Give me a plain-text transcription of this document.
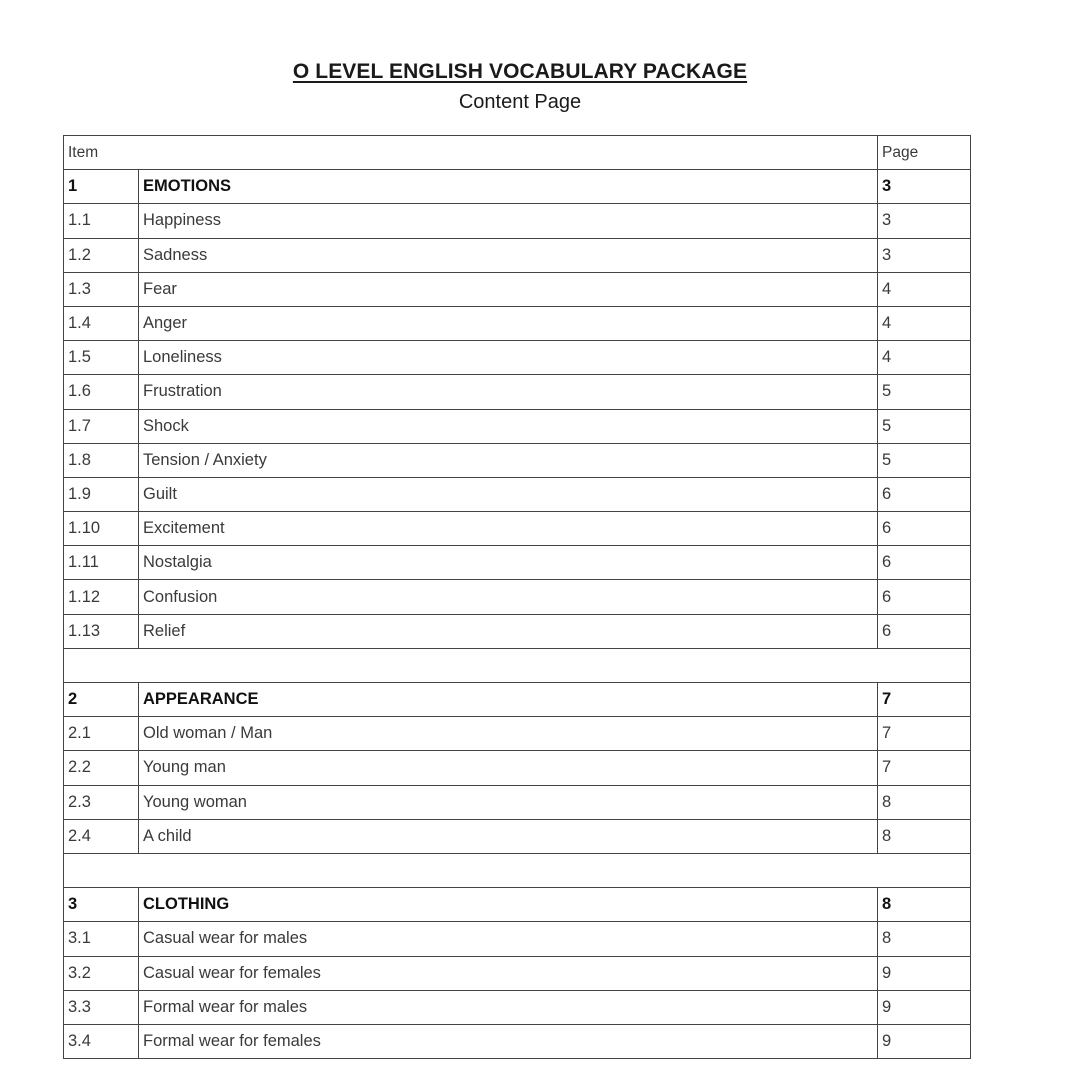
O LEVEL ENGLISH VOCABULARY PACKAGE
Content Page
Item		Page
1	EMOTIONS	3
1.1	Happiness	3
1.2	Sadness	3
1.3	Fear	4
1.4	Anger	4
1.5	Loneliness	4
1.6	Frustration	5
1.7	Shock	5
1.8	Tension / Anxiety	5
1.9	Guilt	6
1.10	Excitement	6
1.11	Nostalgia	6
1.12	Confusion	6
1.13	Relief	6

2	APPEARANCE	7
2.1	Old woman / Man	7
2.2	Young man	7
2.3	Young woman	8
2.4	A child	8

3	CLOTHING	8
3.1	Casual wear for males	8
3.2	Casual wear for females	9
3.3	Formal wear for males	9
3.4	Formal wear for females	9
